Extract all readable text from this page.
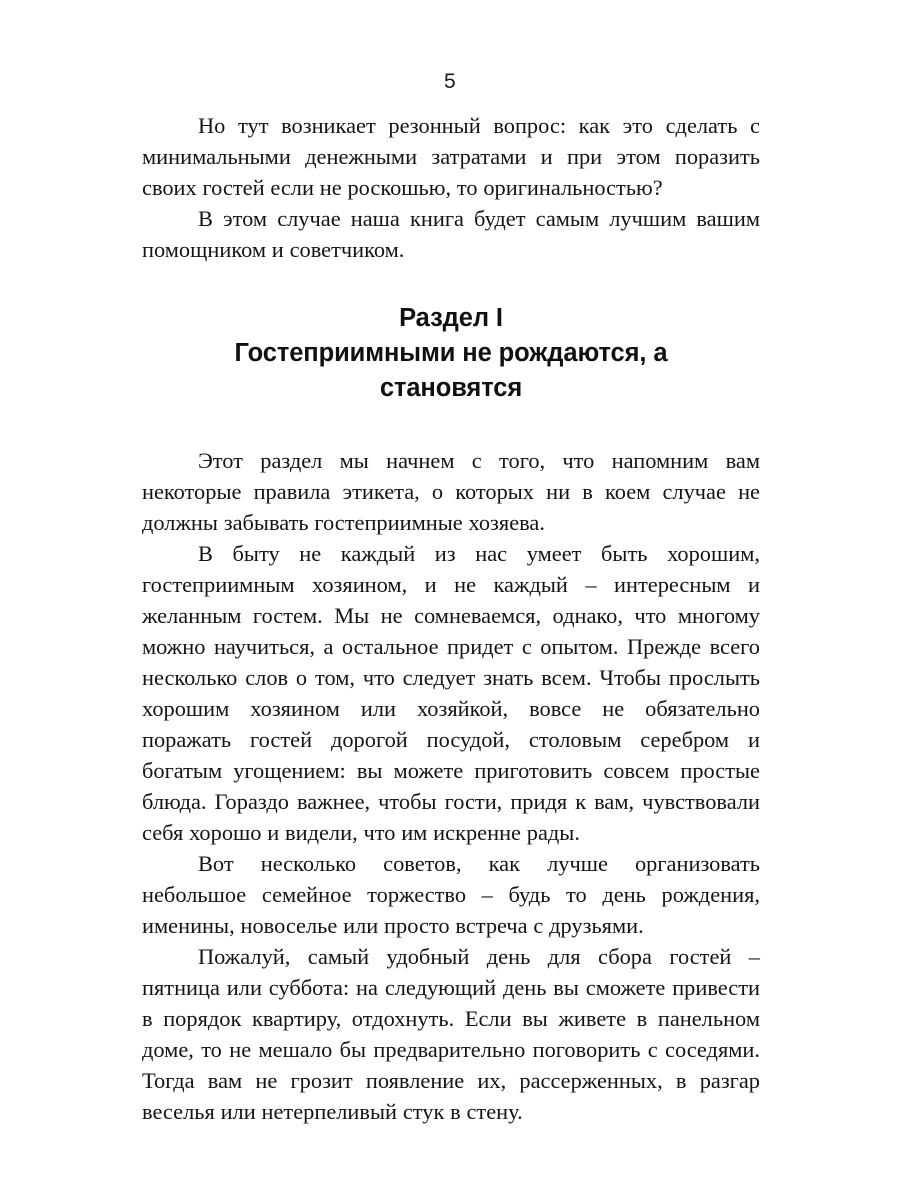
5

Но тут возникает резонный вопрос: как это сделать с минимальными денежными затратами и при этом поразить своих гостей если не роскошью, то оригинальностью?

В этом случае наша книга будет самым лучшим вашим помощником и советчиком.

Раздел I
Гостеприимными не рождаются, а
становятся

Этот раздел мы начнем с того, что напомним вам некоторые правила этикета, о которых ни в коем случае не должны забывать гостеприимные хозяева.

В быту не каждый из нас умеет быть хорошим, гостеприимным хозяином, и не каждый – интересным и желанным гостем. Мы не сомневаемся, однако, что многому можно научиться, а остальное придет с опытом. Прежде всего несколько слов о том, что следует знать всем. Чтобы прослыть хорошим хозяином или хозяйкой, вовсе не обязательно поражать гостей дорогой посудой, столовым серебром и богатым угощением: вы можете приготовить совсем простые блюда. Гораздо важнее, чтобы гости, придя к вам, чувствовали себя хорошо и видели, что им искренне рады.

Вот несколько советов, как лучше организовать небольшое семейное торжество – будь то день рождения, именины, новоселье или просто встреча с друзьями.

Пожалуй, самый удобный день для сбора гостей – пятница или суббота: на следующий день вы сможете привести в порядок квартиру, отдохнуть. Если вы живете в панельном доме, то не мешало бы предварительно поговорить с соседями. Тогда вам не грозит появление их, рассерженных, в разгар веселья или нетерпеливый стук в стену.
